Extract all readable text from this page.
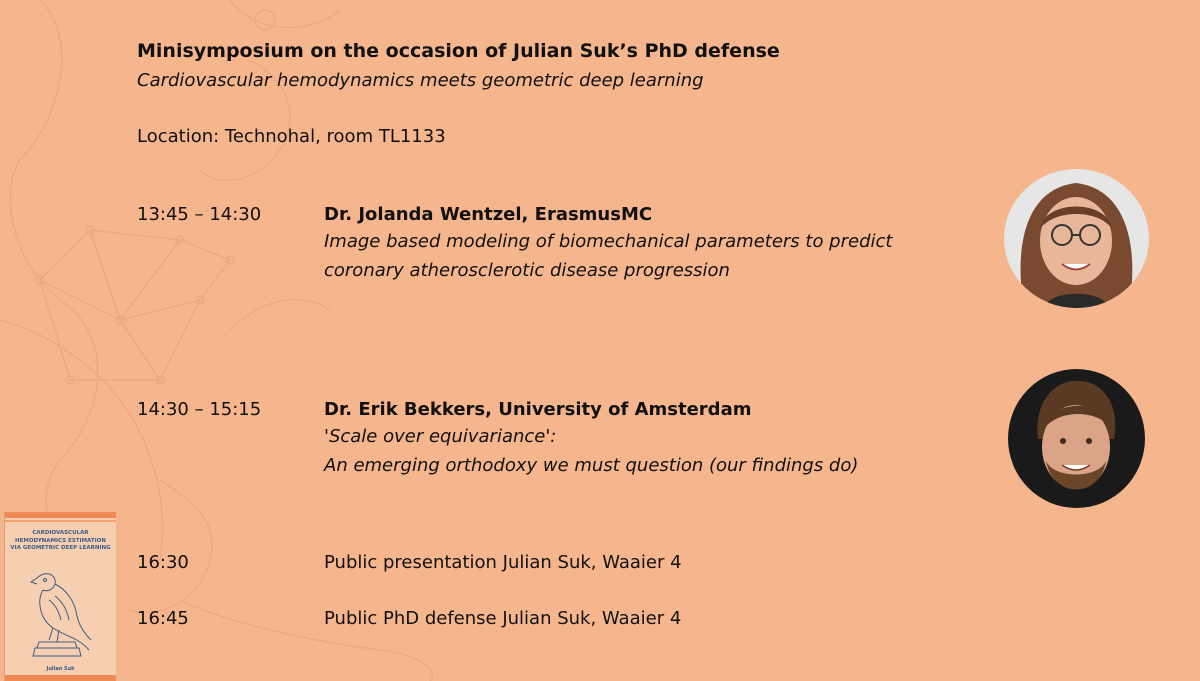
Minisymposium on the occasion of Julian Suk’s PhD defense
Cardiovascular hemodynamics meets geometric deep learning
Location: Technohal, room TL1133
13:45 – 14:30	Dr. Jolanda Wentzel, ErasmusMC
Image based modeling of biomechanical parameters to predict
coronary atherosclerotic disease progression
14:30 – 15:15	Dr. Erik Bekkers, University of Amsterdam
'Scale over equivariance':
An emerging orthodoxy we must question (our findings do)
16:30	Public presentation Julian Suk, Waaier 4
16:45	Public PhD defense Julian Suk, Waaier 4
CARDIOVASCULAR HEMODYNAMICS ESTIMATION VIA GEOMETRIC DEEP LEARNING
Julian Suk
